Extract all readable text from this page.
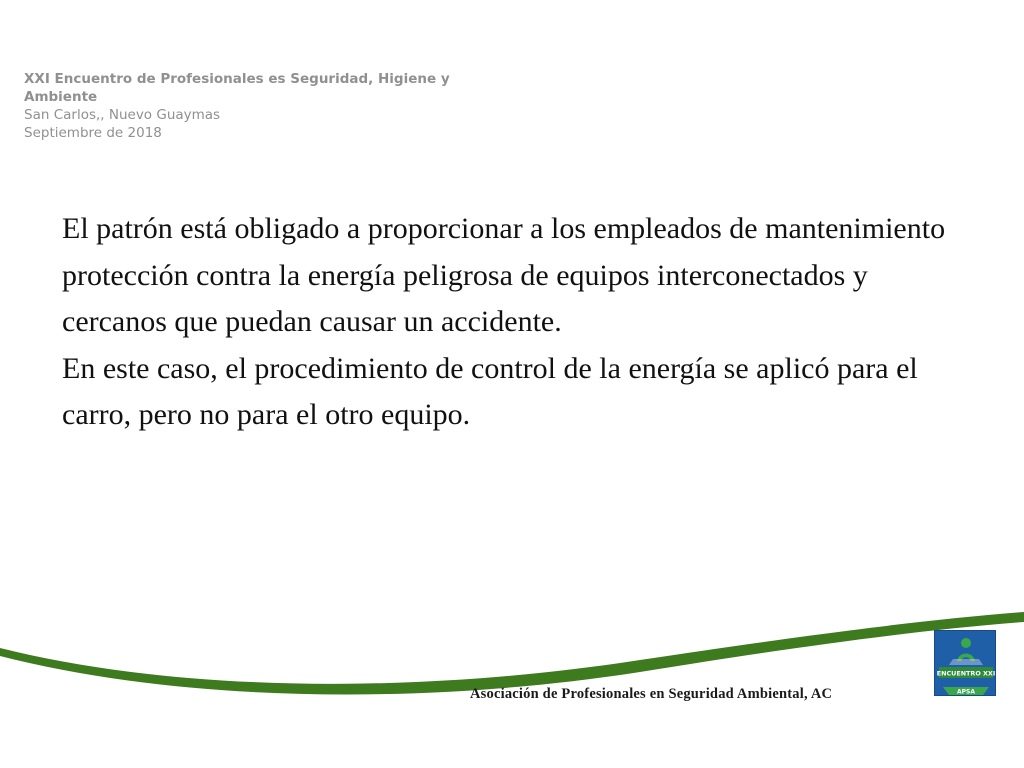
XXI Encuentro de Profesionales es Seguridad, Higiene y Ambiente
San Carlos,, Nuevo Guaymas
Septiembre de 2018

El patrón está obligado a proporcionar a los empleados de mantenimiento protección contra la energía peligrosa de equipos interconectados y cercanos que puedan causar un accidente.

En este caso, el procedimiento de control de la energía se aplicó para el carro, pero no para el otro equipo.

Asociación de Profesionales en Seguridad Ambiental, AC
ENCUENTRO XXI
APSA
